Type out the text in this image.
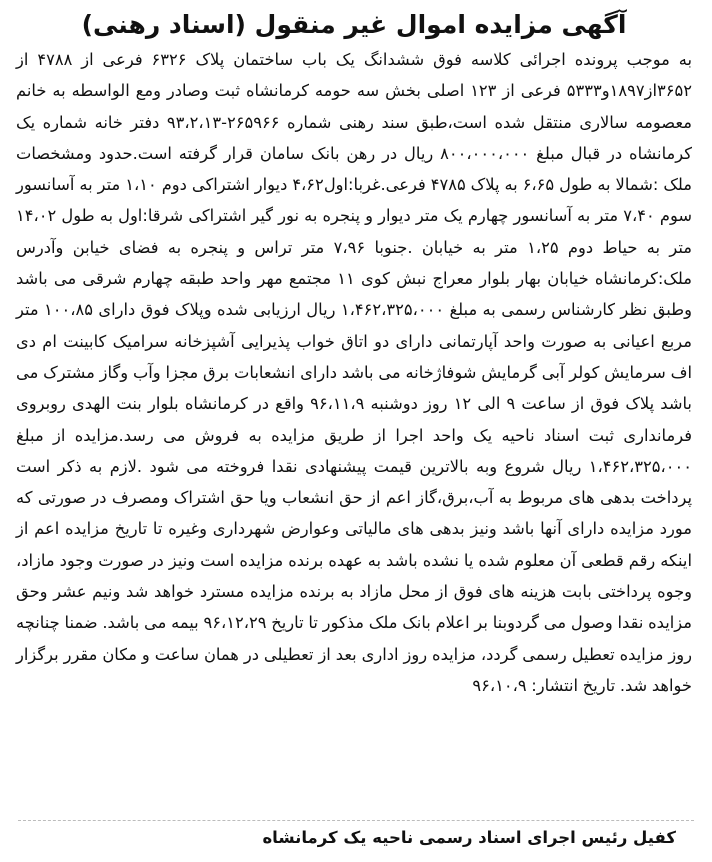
آگهی مزایده اموال غیر منقول (اسناد رهنی)

به موجب پرونده اجرائی کلاسه فوق ششدانگ یک باب ساختمان پلاک ۶۳۲۶ فرعی از ۴۷۸۸ از ۳۶۵۲از۱۸۹۷و۵۳۳۳ فرعی از ۱۲۳ اصلی بخش سه حومه کرمانشاه ثبت وصادر ومع الواسطه به خانم معصومه سالاری منتقل شده است،طبق سند رهنی شماره ۲۶۵۹۶۶-۹۳،۲،۱۳ دفتر خانه شماره یک کرمانشاه در قبال مبلغ ۸۰۰،۰۰۰،۰۰۰ ریال در رهن بانک سامان قرار گرفته است.حدود ومشخصات ملک :شمالا به طول ۶،۶۵ به پلاک ۴۷۸۵ فرعی.غربا:اول۴،۶۲ دیوار اشتراکی دوم ۱،۱۰ متر به آسانسور سوم ۷،۴۰ متر به آسانسور چهارم یک متر دیوار و پنجره به نور گیر اشتراکی شرقا:اول به طول ۱۴،۰۲ متر به حیاط دوم ۱،۲۵ متر به خیابان .جنوبا ۷،۹۶ متر تراس و پنجره به فضای خیابن وآدرس ملک:کرمانشاه خیابان بهار بلوار معراج نبش کوی ۱۱ مجتمع مهر واحد طبقه چهارم شرقی می باشد وطبق نظر کارشناس رسمی به مبلغ ۱،۴۶۲،۳۲۵،۰۰۰ ریال ارزیابی شده وپلاک فوق دارای ۱۰۰،۸۵ متر مربع اعیانی به صورت واحد آپارتمانی دارای دو اتاق خواب پذیرایی آشپزخانه سرامیک کابینت ام دی اف سرمایش کولر آبی گرمایش شوفاژخانه می باشد دارای انشعابات برق مجزا وآب وگاز مشترک می باشد پلاک فوق از ساعت ۹ الی ۱۲ روز دوشنبه ۹۶،۱۱،۹ واقع در کرمانشاه بلوار بنت الهدی روبروی فرمانداری ثبت اسناد ناحیه یک واحد اجرا از طریق مزایده به فروش می رسد.مزایده از مبلغ ۱،۴۶۲،۳۲۵،۰۰۰ ریال شروع وبه بالاترین قیمت پیشنهادی نقدا فروخته می شود .لازم به ذکر است پرداخت بدهی های مربوط به آب،برق،گاز اعم از حق انشعاب ویا حق اشتراک ومصرف در صورتی که مورد مزایده دارای آنها باشد ونیز بدهی های مالیاتی وعوارض شهرداری وغیره تا تاریخ مزایده اعم از اینکه رقم قطعی آن معلوم شده یا نشده باشد به عهده برنده مزایده است ونیز در صورت وجود مازاد، وجوه پرداختی بابت هزینه های فوق از محل مازاد به برنده مزایده مسترد خواهد شد ونیم عشر وحق مزایده نقدا وصول می گردوبنا بر اعلام بانک ملک مذکور تا تاریخ ۹۶،۱۲،۲۹ بیمه می باشد. ضمنا چنانچه روز مزایده تعطیل رسمی گردد، مزایده روز اداری بعد از تعطیلی در همان ساعت و مکان مقرر برگزار خواهد شد. تاریخ انتشار: ۹۶،۱۰،۹

کفیل رئیس اجرای اسناد رسمی ناحیه یک کرمانشاه
